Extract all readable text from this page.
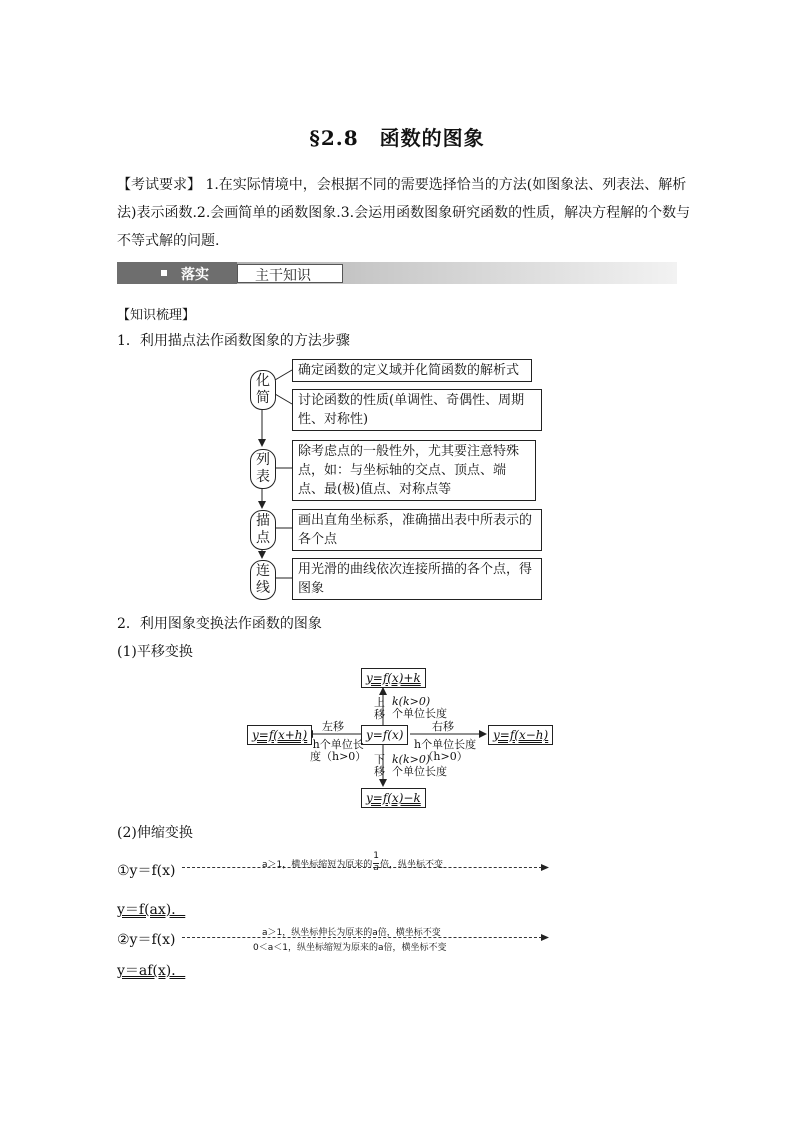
§2.8　函数的图象
【考试要求】 1.在实际情境中，会根据不同的需要选择恰当的方法(如图象法、列表法、解析
法)表示函数.2.会画简单的函数图象.3.会运用函数图象研究函数的性质，解决方程解的个数与
不等式解的问题.
落实	主干知识
【知识梳理】
1．利用描点法作函数图象的方法步骤
化
简
列
表
描
点
连
线
确定函数的定义域并化简函数的解析式
讨论函数的性质(单调性、奇偶性、周期性、对称性)
除考虑点的一般性外，尤其要注意特殊点，如：与坐标轴的交点、顶点、端点、最(极)值点、对称点等
画出直角坐标系，准确描出表中所表示的各个点
用光滑的曲线依次连接所描的各个点，得图象
2．利用图象变换法作函数的图象
(1)平移变换
y=f(x)+k
y=f(x)
y=f(x)−k
y=f(x+h)	y=f(x−h)
上
移
k(k>0)
个单位长度
下
移
k(k>0)
个单位长度
左移
h个单位长
度（h>0）
右移
h个单位长度
（h>0）
(2)伸缩变换
①y＝f(x)	a＞1，横坐标缩短为原来的 $\frac{1}{a}$ 倍，纵坐标不变
y＝f(ax)．
②y＝f(x)	a＞1，纵坐标伸长为原来的a倍，横坐标不变
0＜a＜1，纵坐标缩短为原来的a倍，横坐标不变
y＝af(x)．
